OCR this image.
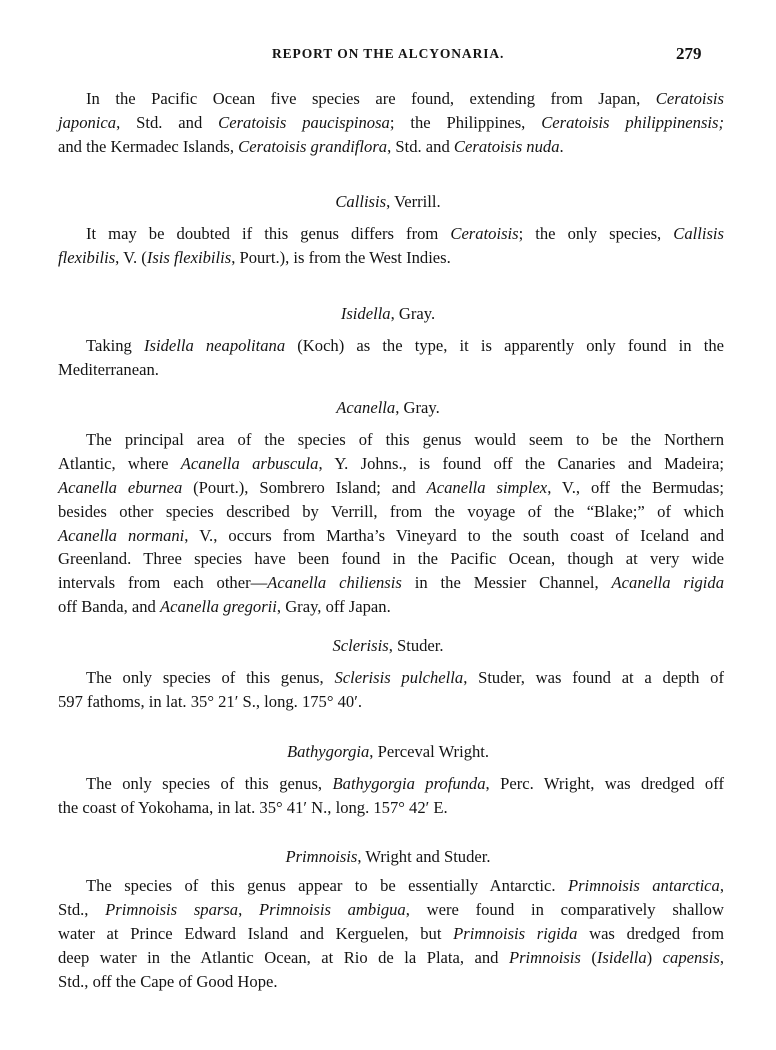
REPORT ON THE ALCYONARIA.	279
In the Pacific Ocean five species are found, extending from Japan, Ceratoisis
japonica, Std. and Ceratoisis paucispinosa; the Philippines, Ceratoisis philippinensis;
and the Kermadec Islands, Ceratoisis grandiflora, Std. and Ceratoisis nuda.
Callisis, Verrill.
It may be doubted if this genus differs from Ceratoisis; the only species, Callisis
flexibilis, V. (Isis flexibilis, Pourt.), is from the West Indies.
Isidella, Gray.
Taking Isidella neapolitana (Koch) as the type, it is apparently only found in the
Mediterranean.
Acanella, Gray.
The principal area of the species of this genus would seem to be the Northern
Atlantic, where Acanella arbuscula, Y. Johns., is found off the Canaries and Madeira;
Acanella eburnea (Pourt.), Sombrero Island; and Acanella simplex, V., off the Bermudas;
besides other species described by Verrill, from the voyage of the “Blake;” of which
Acanella normani, V., occurs from Martha’s Vineyard to the south coast of Iceland and
Greenland. Three species have been found in the Pacific Ocean, though at very wide
intervals from each other—Acanella chiliensis in the Messier Channel, Acanella rigida
off Banda, and Acanella gregorii, Gray, off Japan.
Sclerisis, Studer.
The only species of this genus, Sclerisis pulchella, Studer, was found at a depth of
597 fathoms, in lat. 35° 21′ S., long. 175° 40′.
Bathygorgia, Perceval Wright.
The only species of this genus, Bathygorgia profunda, Perc. Wright, was dredged off
the coast of Yokohama, in lat. 35° 41′ N., long. 157° 42′ E.
Primnoisis, Wright and Studer.
The species of this genus appear to be essentially Antarctic. Primnoisis antarctica,
Std., Primnoisis sparsa, Primnoisis ambigua, were found in comparatively shallow
water at Prince Edward Island and Kerguelen, but Primnoisis rigida was dredged from
deep water in the Atlantic Ocean, at Rio de la Plata, and Primnoisis (Isidella) capensis,
Std., off the Cape of Good Hope.
